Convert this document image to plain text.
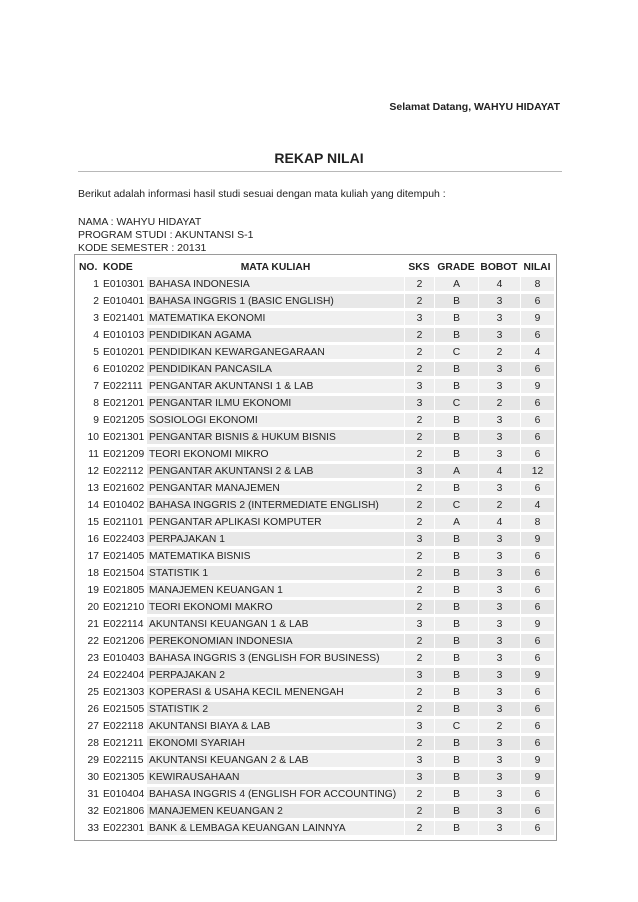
Selamat Datang, WAHYU HIDAYAT
REKAP NILAI
Berikut adalah informasi hasil studi sesuai dengan mata kuliah yang ditempuh :
NAMA : WAHYU HIDAYAT
PROGRAM STUDI : AKUNTANSI S-1
KODE SEMESTER : 20131
NO.	KODE	MATA KULIAH	SKS	GRADE	BOBOT	NILAI
1	E010301	BAHASA INDONESIA	2	A	4	8
2	E010401	BAHASA INGGRIS 1 (BASIC ENGLISH)	2	B	3	6
3	E021401	MATEMATIKA EKONOMI	3	B	3	9
4	E010103	PENDIDIKAN AGAMA	2	B	3	6
5	E010201	PENDIDIKAN KEWARGANEGARAAN	2	C	2	4
6	E010202	PENDIDIKAN PANCASILA	2	B	3	6
7	E022111	PENGANTAR AKUNTANSI 1 & LAB	3	B	3	9
8	E021201	PENGANTAR ILMU EKONOMI	3	C	2	6
9	E021205	SOSIOLOGI EKONOMI	2	B	3	6
10	E021301	PENGANTAR BISNIS & HUKUM BISNIS	2	B	3	6
11	E021209	TEORI EKONOMI MIKRO	2	B	3	6
12	E022112	PENGANTAR AKUNTANSI 2 & LAB	3	A	4	12
13	E021602	PENGANTAR MANAJEMEN	2	B	3	6
14	E010402	BAHASA INGGRIS 2 (INTERMEDIATE ENGLISH)	2	C	2	4
15	E021101	PENGANTAR APLIKASI KOMPUTER	2	A	4	8
16	E022403	PERPAJAKAN 1	3	B	3	9
17	E021405	MATEMATIKA BISNIS	2	B	3	6
18	E021504	STATISTIK 1	2	B	3	6
19	E021805	MANAJEMEN KEUANGAN 1	2	B	3	6
20	E021210	TEORI EKONOMI MAKRO	2	B	3	6
21	E022114	AKUNTANSI KEUANGAN 1 & LAB	3	B	3	9
22	E021206	PEREKONOMIAN INDONESIA	2	B	3	6
23	E010403	BAHASA INGGRIS 3 (ENGLISH FOR BUSINESS)	2	B	3	6
24	E022404	PERPAJAKAN 2	3	B	3	9
25	E021303	KOPERASI & USAHA KECIL MENENGAH	2	B	3	6
26	E021505	STATISTIK 2	2	B	3	6
27	E022118	AKUNTANSI BIAYA & LAB	3	C	2	6
28	E021211	EKONOMI SYARIAH	2	B	3	6
29	E022115	AKUNTANSI KEUANGAN 2 & LAB	3	B	3	9
30	E021305	KEWIRAUSAHAAN	3	B	3	9
31	E010404	BAHASA INGGRIS 4 (ENGLISH FOR ACCOUNTING)	2	B	3	6
32	E021806	MANAJEMEN KEUANGAN 2	2	B	3	6
33	E022301	BANK & LEMBAGA KEUANGAN LAINNYA	2	B	3	6
